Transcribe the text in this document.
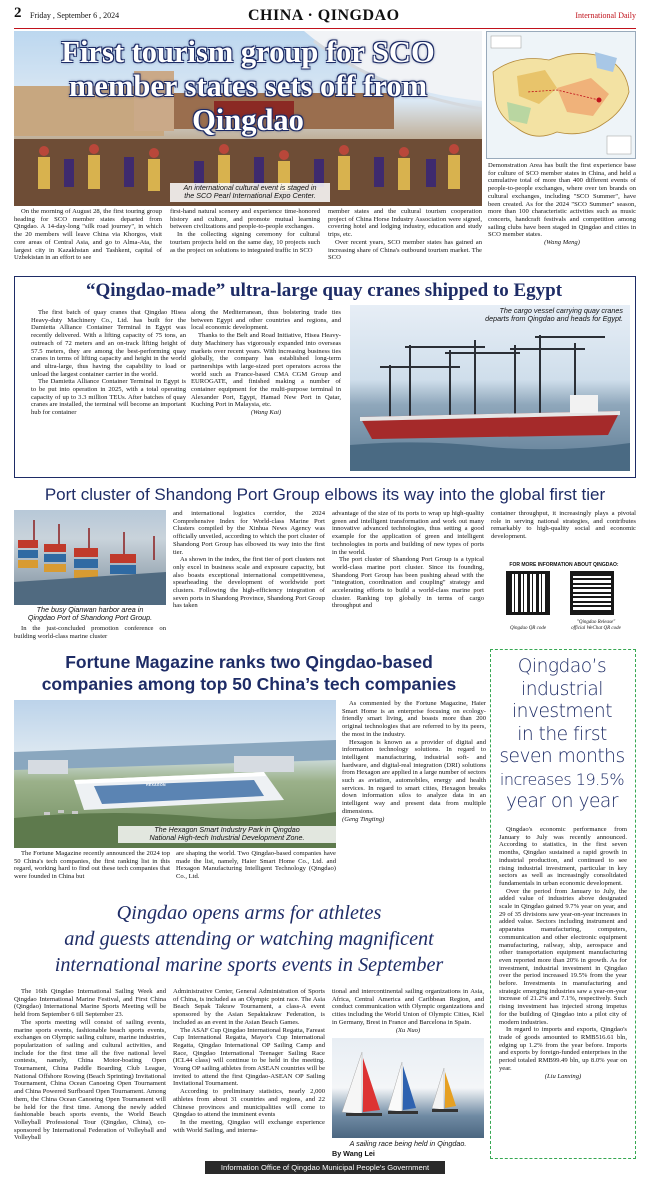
2 Friday , September 6 , 2024	CHINA · QINGDAO	International Daily
First tourism group for SCO
member states sets off from Qingdao
An international cultural event is staged in
the SCO Pearl International Expo Center.

On the morning of August 28, the first touring group heading for SCO member states departed from Qingdao. A 14-day-long "silk road journey", in which the 20 members will leave China via Khorgos, visit core areas of Central Asia, and go to Alma-Ata, the largest city in Kazakhstan and Tashkent, capital of Uzbekistan in an effort to see

first-hand natural scenery and experience time-honored history and culture, and promote mutual learning between civilizations and people-to-people exchanges.

In the collecting signing ceremony for cultural tourism projects held on the same day, 10 projects such as the project on solutions to integrated traffic in SCO

member states and the cultural tourism cooperation project of China Horse Industry Association were signed, covering hotel and lodging industry, education and study trips, etc.

Over recent years, SCO member states has gained an increasing share of China's outbound tourism market. The SCO

Demonstration Area has built the first experience base for culture of SCO member states in China, and held a cumulative total of more than 400 different events of people-to-people exchanges, where over ten brands on cultural exchanges, including "SCO Summer", have been created. As for the 2024 "SCO Summer" season, more than 100 characteristic activities such as music concerts, handcraft festivals and competition among sailing clubs have been staged in Qingdao and cities in SCO member states.

(Wang Meng)
“Qingdao-made” ultra-large quay cranes shipped to Egypt

The first batch of quay cranes that Qingdao Hisea Heavy-duty Machinery Co., Ltd. has built for the Damietta Alliance Container Terminal in Egypt was recently delivered. With a lifting capacity of 75 tons, an outreach of 72 meters and an on-track lifting height of 57.5 meters, they are among the best-performing quay cranes in terms of lifting capacity and height in the world and ultra-large, thus having the capability to load or unload the largest container carrier in the world.

The Damietta Alliance Container Terminal in Egypt is to be put into operation in 2025, with a total operating capacity of up to 3.3 million TEUs. After batches of quay cranes are installed, the terminal will become an important hub for container

along the Mediterranean, thus bolstering trade ties between Egypt and other countries and regions, and local economic development.

Thanks to the Belt and Road Initiative, Hisea Heavy-duty Machinery has vigorously expanded into overseas markets over recent years. With increasing business ties globally, the company has established long-term partnerships with large-sized port operators across the world such as France-based CMA CGM Group and EUROGATE, and finished making a number of container equipment for the multi-purpose terminal in Alexander Port, Egypt, Hamad New Port in Qatar, Kuching Port in Malaysia, etc.

(Wang Kai)
The cargo vessel carrying quay cranes
departs from Qingdao and heads for Egypt.
Port cluster of Shandong Port Group elbows its way into the global first tier
The busy Qianwan harbor area in
Qingdao Port of Shandong Port Group.

In the just-concluded promotion conference on building world-class marine cluster

and international logistics corridor, the 2024 Comprehensive Index for World-class Marine Port Clusters compiled by the Xinhua News Agency was officially unveiled, according to which the port cluster of Shandong Port Group has elbowed its way into the first tier.

As shown in the index, the first tier of port clusters not only excel in business scale and exposure capacity, but also boasts exceptional international competitiveness, spearheading the development of worldwide port clusters. Following the high-efficiency integration of seven ports in Shandong Province, Shandong Port Group has taken

advantage of the size of its ports to wrap up high-quality green and intelligent transformation and work out many innovative advanced technologies, thus setting a good example for the application of green and intelligent technologies in ports and building of new types of ports in the world.

The port cluster of Shandong Port Group is a typical world-class marine port cluster. Since its founding, Shandong Port Group has been pushing ahead with the "integration, coordination and coupling" strategy and accelerating efforts to build a world-class marine port cluster. Ranking top globally in terms of cargo throughput and

container throughput, it increasingly plays a pivotal role in serving national strategies, and contributes remarkably to high-quality social and economic development.

FOR MORE INFORMATION ABOUT QINGDAO:
Qingdao QR code
"Qingdao Release"
official WeChat QR code
Fortune Magazine ranks two Qingdao-based
companies among top 50 China’s tech companies
HEXAGON
The Hexagon Smart Industry Park in Qingdao
National High-tech Industrial Development Zone.

The Fortune Magazine recently announced the 2024 top 50 China's tech companies, the first ranking list in this regard, working hard to find out these tech companies that were founded in China but

are shaping the world. Two Qingdao-based companies have made the list, namely, Haier Smart Home Co., Ltd. and Hexagon Manufacturing Intelligent Technology (Qingdao) Co., Ltd.

As commented by the Fortune Magazine, Haier Smart Home is an enterprise focusing on ecology-friendly smart living, and boasts more than 200 original technologies that are referred to by its peers, the most in the industry.

Hexagon is known as a provider of digital and information technology solutions. In regard to intelligent manufacturing, industrial soft- and hardware, and digital-real integration (DRI) solutions from Hexagon are applied in a large number of sectors such as aviation, automobiles, energy and health services. In regard to smart cities, Hexagon breaks down information silos to analyze data in an intelligent way and present data from multiple dimensions.

(Geng Tingting)
Qingdao’s
industrial
investment
in the first
seven months
increases 19.5%
year on year

Qingdao's economic performance from January to July was recently announced. According to statistics, in the first seven months, Qingdao sustained a rapid growth in industrial production, and continued to see rising industrial investment, particular in key sectors as well as increasingly consolidated fundamentals in urban economic development.

Over the period from January to July, the added value of industries above designated scale in Qingdao gained 9.7% year on year, and 29 of 35 divisions saw year-on-year increases in added value. Sectors including instrument and apparatus manufacturing, computers, communication and other electronic equipment manufacturing, railway, ship, aerospace and other transportation equipment manufacturing even reported more than 20% in growth. As for investment, industrial investment in Qingdao over the period increased 19.5% from the year before. Investments in manufacturing and strategic emerging industries saw a year-on-year increase of 21.2% and 7.1%, respectively. Such rising investment has injected strong impetus for the building of Qingdao into a pilot city of modern industries.

In regard to imports and exports, Qingdao's trade of goods amounted to RMB516.61 bln, edging up 1.2% from the year before. Imports and exports by foreign-funded enterprises in the period totaled RMB99.49 bln, up 8.0% year on year.

(Liu Lanxing)
Qingdao opens arms for athletes
and guests attending or watching magnificent
international marine sports events in September

The 16th Qingdao International Sailing Week and Qingdao International Marine Festival, and First China (Qingdao) International Marine Sports Meeting will be held from September 6 till September 23.

The sports meeting will consist of sailing events, marine sports events, fashionable beach sports events, exchanges on Olympic sailing culture, marine industries, popularization of sailing and cultural activities, and include for the first time all the five national level contests, namely, China Motor-boating Open Tournament, China Paddle Boarding Club League, National Offshore Rowing (Beach Sprinting) Invitational Tournament, China Ocean Canoeing Open Tournament and China Powered Surfboard Open Tournament. Among them, the China Ocean Canoeing Open Tournament will be held for the first time. Among the newly added fashionable beach sports events, the World Beach Volleyball Professional Tour (Qingdao, China), co-sponsored by International Federation of Volleyball and Volleyball

Administrative Center, General Administration of Sports of China, is included as an Olympic point race. The Asia Beach Sepak Takraw Tournament, a class-A event sponsored by the Asian Sepaktakraw Federation, is included as an event in the Asian Beach Games.

The ASAF Cup Qingdao International Regatta, Fareast Cup International Regatta, Mayor's Cup International Regatta, Qingdao International OP Sailing Camp and Race, Qingdao International Teenager Sailing Race (ICL44 class) will continue to be held in the meeting. Young OP sailing athletes from ASEAN countries will be invited to attend the first Qingdao-ASEAN OP Sailing Invitational Tournament.

According to preliminary statistics, nearly 2,000 athletes from about 31 countries and regions, and 22 Chinese provinces and municipalities will come to Qingdao to attend the imminent events

In the meeting, Qingdao will exchange experience with World Sailing, and interna-

tional and intercontinental sailing organizations in Asia, Africa, Central America and Caribbean Region, and conduct communication with Olympic organizations and cities including the World Union of Olympic Cities, Kiel in Germany, Brest in France and Barcelona in Spain.

(Xu Nuo)
A sailing race being held in Qingdao.
By Wang Lei
Information Office of Qingdao Municipal People's Government
